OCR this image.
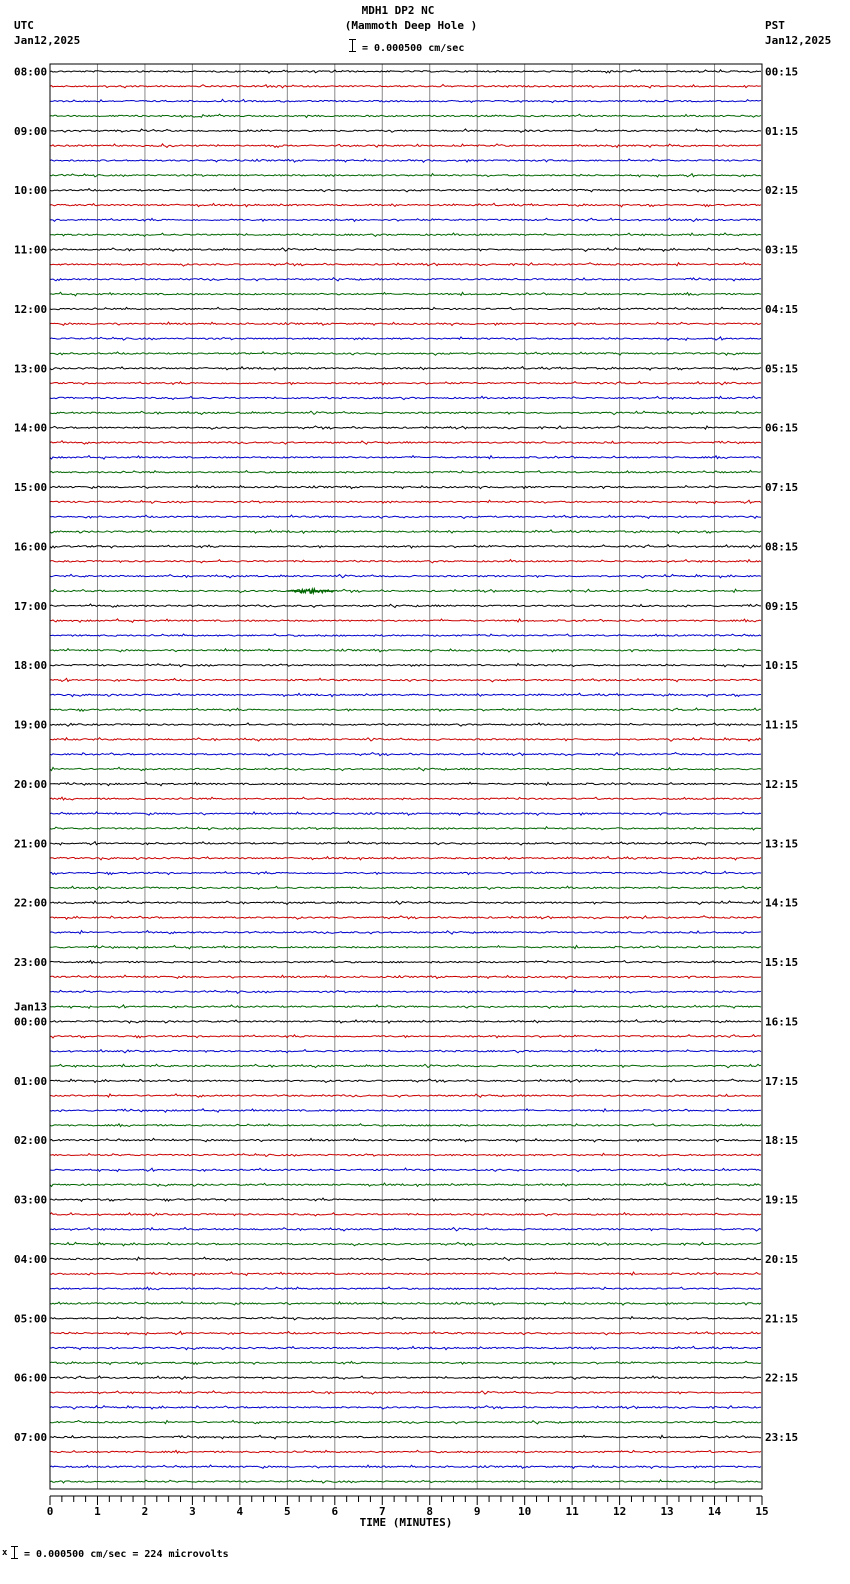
08:00	00:15
09:00	01:15
10:00	02:15
11:00	03:15
12:00	04:15
13:00	05:15
14:00	06:15
15:00	07:15
16:00	08:15
17:00	09:15
18:00	10:15
19:00	11:15
20:00	12:15
21:00	13:15
22:00	14:15
23:00	15:15
00:00	16:15
01:00	17:15
02:00	18:15
03:00	19:15
04:00	20:15
05:00	21:15
06:00	22:15
07:00	23:15
Jan13
0	1	2	3	4	5	6	7	8	9	10	11	12	13	14	15
TIME (MINUTES)
MDH1 DP2 NC
(Mammoth Deep Hole )
= 0.000500 cm/sec
UTC
Jan12,2025
PST
Jan12,2025
x = 0.000500 cm/sec = 224 microvolts
